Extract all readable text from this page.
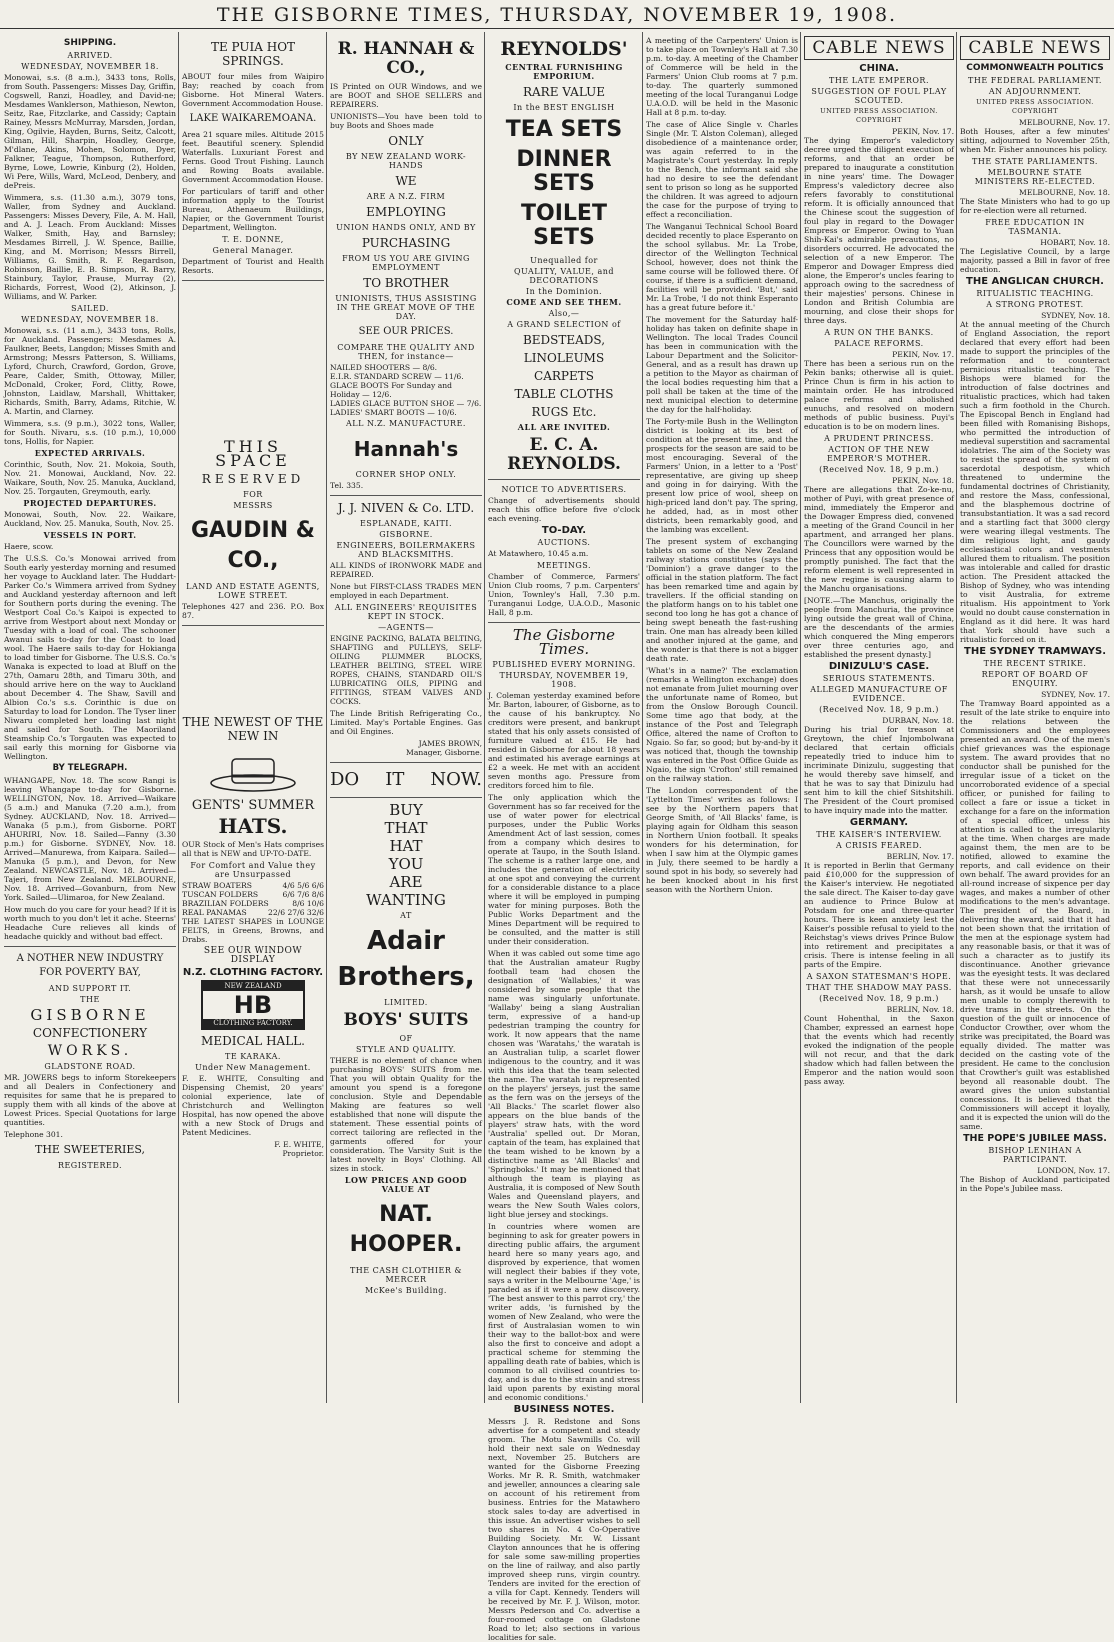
THE GISBORNE TIMES, THURSDAY, NOVEMBER 19, 1908.
SHIPPING.
ARRIVED.
WEDNESDAY, NOVEMBER 18.

Monowai, s.s. (8 a.m.), 3433 tons, Rolls, from South. Passengers: Misses Day, Griffin, Cogswell, Ranzi, Hoadley, and David-ne; Mesdames Wanklerson, Mathieson, Newton, Seitz, Rae, Fitzclarke, and Cassidy; Captain Rainey, Messrs McMurray, Marsden, Jordan, King, Ogilvie, Hayden, Burns, Seitz, Calcott, Gilman, Hill, Sharpin, Hoadley, George, M'dlane, Akins, Mohen, Solomon, Dyer, Falkner, Teague, Thompson, Rutherford, Byrne, Lowe, Lowrie, Kinburg (2), Holden, Wi Pere, Wills, Ward, McLeod, Denbery, and dePreis.

Wimmera, s.s. (11.30 a.m.), 3079 tons, Waller, from Sydney and Auckland. Passengers: Misses Devery, File, A. M. Hall, and A. J. Leach. From Auckland: Misses Walker, Smith, Hay, and Barnsley; Mesdames Birrell, J. W. Spence, Baillie, King, and M. Morrison; Messrs Birrell, Williams, G. Smith, R. F. Regardson, Robinson, Baillie, E. B. Simpson, R. Barry, Stainbury, Taylor, Prause, Murray (2), Richards, Forrest, Wood (2), Atkinson, J. Williams, and W. Parker.

SAILED.
WEDNESDAY, NOVEMBER 18.

Monowai, s.s. (11 a.m.), 3433 tons, Rolls, for Auckland. Passengers: Mesdames A. Faulkner, Beets, Langdon; Misses Smith and Armstrong; Messrs Patterson, S. Williams, Lyford, Church, Crawford, Gordon, Grove, Peare, Calder, Smith, Ottoway, Miller, McDonald, Croker, Ford, Clitty, Rowe, Johnston, Laidlaw, Marshall, Whittaker, Richards, Smith, Barry, Adams, Ritchie, W. A. Martin, and Clarney.

Wimmera, s.s. (9 p.m.), 3022 tons, Waller, for South. Nivaru, s.s. (10 p.m.), 10,000 tons, Hollis, for Napier.

EXPECTED ARRIVALS.

Corinthic, South, Nov. 21. Mokoia, South, Nov. 21. Monowai, Auckland, Nov. 22. Waikare, South, Nov. 25. Manuka, Auckland, Nov. 25. Torgauten, Greymouth, early.

PROJECTED DEPARTURES.

Monowai, South, Nov. 22. Waikare, Auckland, Nov. 25. Manuka, South, Nov. 25.

VESSELS IN PORT.

Haere, scow.

The U.S.S. Co.'s Monowai arrived from South early yesterday morning and resumed her voyage to Auckland later. The Huddart-Parker Co.'s Wimmera arrived from Sydney and Auckland yesterday afternoon and left for Southern ports during the evening. The Westport Coal Co.'s Kaipoi is expected to arrive from Westport about next Monday or Tuesday with a load of coal. The schooner Awanui sails to-day for the Coast to load wool. The Haere sails to-day for Hokianga to load timber for Gisborne. The U.S.S. Co.'s Wanaka is expected to load at Bluff on the 27th, Oamaru 28th, and Timaru 30th, and should arrive here on the way to Auckland about December 4. The Shaw, Savill and Albion Co.'s s.s. Corinthic is due on Saturday to load for London. The Tyser liner Niwaru completed her loading last night and sailed for South. The Maoriland Steamship Co.'s Torgauten was expected to sail early this morning for Gisborne via Wellington.

BY TELEGRAPH.

WHANGAPE, Nov. 18. The scow Rangi is leaving Whangape to-day for Gisborne. WELLINGTON, Nov. 18. Arrived—Waikare (5 a.m.) and Manuka (7.20 a.m.), from Sydney. AUCKLAND, Nov. 18. Arrived—Wanaka (5 p.m.), from Gisborne. PORT AHURIRI, Nov. 18. Sailed—Fanny (3.30 p.m.) for Gisborne. SYDNEY, Nov. 18. Arrived—Manurewa, from Kaipara. Sailed—Manuka (5 p.m.), and Devon, for New Zealand. NEWCASTLE, Nov. 18. Arrived—Tajeri, from New Zealand. MELBOURNE, Nov. 18. Arrived—Govanburn, from New York. Sailed—Ulimaroa, for New Zealand.

How much do you care for your head? If it is worth much to you don't let it ache. Steerns' Headache Cure relieves all kinds of headache quickly and without bad effect.

A NOTHER NEW INDUSTRY FOR POVERTY BAY,
AND SUPPORT IT.
THE
GISBORNE
CONFECTIONERY
WORKS.
GLADSTONE ROAD.

MR. JOWERS begs to inform Storekeepers and all Dealers in Confectionery and requisites for same that he is prepared to supply them with all kinds of the above at Lowest Prices. Special Quotations for large quantities.

Telephone 301.
THE SWEETERIES,
REGISTERED.
TE PUIA HOT SPRINGS.

ABOUT four miles from Waipiro Bay; reached by coach from Gisborne. Hot Mineral Waters. Government Accommodation House.

LAKE WAIKAREMOANA.

Area 21 square miles. Altitude 2015 feet. Beautiful scenery. Splendid Waterfalls. Luxuriant Forest and Ferns. Good Trout Fishing. Launch and Rowing Boats available. Government Accommodation House.

For particulars of tariff and other information apply to the Tourist Bureau, Athenaeum Buildings, Napier, or the Government Tourist Department, Wellington.

T. E. DONNE,
General Manager.

Department of Tourist and Health Resorts.

THIS SPACE
RESERVED
FOR
MESSRS
GAUDIN & CO.,
LAND AND ESTATE AGENTS, LOWE STREET.

Telephones 427 and 236. P.O. Box 87.

THE NEWEST OF THE NEW IN
GENTS' SUMMER
HATS.

OUR Stock of Men's Hats comprises all that is NEW and UP-TO-DATE.

For Comfort and Value they are Unsurpassed
STRAW BOATERS	4/6 5/6 6/6
TUSCAN FOLDERS	6/6 7/6 8/6
BRAZILIAN FOLDERS	8/6 10/6
REAL PANAMAS	22/6 27/6 32/6

THE LATEST SHAPES in LOUNGE FELTS, in Greens, Browns, and Drabs.

SEE OUR WINDOW DISPLAY
N.Z. CLOTHING FACTORY.
NEW ZEALAND
HB
CLOTHING FACTORY.
MEDICAL HALL.
TE KARAKA.
Under New Management.

F. E. WHITE, Consulting and Dispensing Chemist, 20 years' colonial experience, late of Christchurch and Wellington Hospital, has now opened the above with a new Stock of Drugs and Patent Medicines.

F. E. WHITE,
Proprietor.
R. HANNAH & CO.,

IS Printed on OUR Windows, and we are BOOT and SHOE SELLERS and REPAIRERS.

UNIONISTS—You have been told to buy Boots and Shoes made

ONLY
BY NEW ZEALAND WORK-HANDS
WE
ARE A N.Z. FIRM
EMPLOYING
UNION HANDS ONLY, AND BY
PURCHASING
FROM US YOU ARE GIVING EMPLOYMENT
TO BROTHER
UNIONISTS, THUS ASSISTING IN THE GREAT MOVE OF THE DAY.
SEE OUR PRICES.
COMPARE THE QUALITY AND THEN, for instance—
NAILED SHOOTERS — 8/6.
E.I.R. STANDARD SCREW — 11/6.
GLACE BOOTS For Sunday and Holiday — 12/6.
LADIES GLACE BUTTON SHOE — 7/6.
LADIES' SMART BOOTS — 10/6.
ALL N.Z. MANUFACTURE.
Hannah's
CORNER SHOP ONLY.
Tel. 335.
J. J. NIVEN & Co. LTD.
ESPLANADE, KAITI.
GISBORNE.
ENGINEERS, BOILERMAKERS AND BLACKSMITHS.

ALL KINDS of IRONWORK MADE and REPAIRED.

None but FIRST-CLASS TRADES MEN employed in each Department.

ALL ENGINEERS' REQUISITES KEPT IN STOCK.
—AGENTS—

ENGINE PACKING, BALATA BELTING, SHAFTING and PULLEYS, SELF-OILING PLUMMER BLOCKS, LEATHER BELTING, STEEL WIRE ROPES, CHAINS, STANDARD OIL'S LUBRICATING OILS, PIPING and FITTINGS, STEAM VALVES AND COCKS.

The Linde British Refrigerating Co., Limited. May's Portable Engines. Gas and Oil Engines.

JAMES BROWN,
Manager, Gisborne.
DO IT NOW.
BUY
THAT
HAT
YOU
ARE
WANTING
AT
Adair
Brothers,
LIMITED.
BOYS' SUITS
OF
STYLE AND QUALITY.

THERE is no element of chance when purchasing BOYS' SUITS from me. That you will obtain Quality for the amount you spend is a foregone conclusion. Style and Dependable Making are features so well established that none will dispute the statement. These essential points of correct tailoring are reflected in the garments offered for your consideration. The Varsity Suit is the latest novelty in Boys' Clothing. All sizes in stock.

LOW PRICES AND GOOD VALUE AT
NAT. HOOPER.
THE CASH CLOTHIER & MERCER
McKee's Building.
REYNOLDS'
CENTRAL FURNISHING EMPORIUM.
RARE VALUE
In the BEST ENGLISH
TEA SETS
DINNER SETS
TOILET SETS
Unequalled for
QUALITY, VALUE, and DECORATIONS
In the Dominion.
COME AND SEE THEM.
Also,—
A GRAND SELECTION of
BEDSTEADS,
LINOLEUMS
CARPETS
TABLE CLOTHS
RUGS Etc.
ALL ARE INVITED.
E. C. A. REYNOLDS.
NOTICE TO ADVERTISERS.

Change of advertisements should reach this office before five o'clock each evening.

TO-DAY.
AUCTIONS.

At Matawhero, 10.45 a.m.

MEETINGS.

Chamber of Commerce, Farmers' Union Club rooms, 7 p.m. Carpenters' Union, Townley's Hall, 7.30 p.m. Turanganui Lodge, U.A.O.D., Masonic Hall, 8 p.m.

The Gisborne Times.
PUBLISHED EVERY MORNING.
THURSDAY, NOVEMBER 19, 1908.

J. Coleman yesterday examined before Mr. Barton, labourer, of Gisborne, as to the cause of his bankruptcy. No creditors were present, and bankrupt stated that his only assets consisted of furniture valued at £15. He had resided in Gisborne for about 18 years and estimated his average earnings at £2 a week. He met with an accident seven months ago. Pressure from creditors forced him to file.

The only application which the Government has so far received for the use of water power for electrical purposes, under the Public Works Amendment Act of last session, comes from a company which desires to operate at Taupo, in the South Island. The scheme is a rather large one, and includes the generation of electricity at one spot and conveying the current for a considerable distance to a place where it will be employed in pumping water for mining purposes. Both the Public Works Department and the Mines Department will be required to be consulted, and the matter is still under their consideration.

When it was cabled out some time ago that the Australian amateur Rugby football team had chosen the designation of 'Wallabies,' it was considered by some people that the name was singularly unfortunate. 'Wallaby' being a slang Australian term, expressive of a hand-up pedestrian tramping the country for work. It now appears that the name chosen was 'Waratahs,' the waratah is an Australian tulip, a scarlet flower indigenous to the country, and it was with this idea that the team selected the name. The waratah is represented on the players' jerseys, just the same as the fern was on the jerseys of the 'All Blacks.' The scarlet flower also appears on the blue bands of the players' straw hats, with the word 'Australia' spelled out. Dr Moran, captain of the team, has explained that the team wished to be known by a distinctive name as 'All Blacks' and 'Springboks.' It may be mentioned that although the team is playing as Australia, it is composed of New South Wales and Queensland players, and wears the New South Wales colors, light blue jersey and stockings.

In countries where women are beginning to ask for greater powers in directing public affairs, the argument heard here so many years ago, and disproved by experience, that women will neglect their babies if they vote, says a writer in the Melbourne 'Age,' is paraded as if it were a new discovery. 'The best answer to this parrot cry,' the writer adds, 'is furnished by the women of New Zealand, who were the first of Australasian women to win their way to the ballot-box and were also the first to conceive and adopt a practical scheme for stemming the appalling death rate of babies, which is common to all civilised countries to-day, and is due to the strain and stress laid upon parents by existing moral and economic conditions.'

BUSINESS NOTES.

Messrs J. R. Redstone and Sons advertise for a competent and steady groom. The Motu Sawmills Co. will hold their next sale on Wednesday next, November 25. Butchers are wanted for the Gisborne Freezing Works. Mr R. R. Smith, watchmaker and jeweller, announces a clearing sale on account of his retirement from business. Entries for the Matawhero stock sales to-day are advertised in this issue. An advertiser wishes to sell two shares in No. 4 Co-Operative Building Society. Mr. W. Lissant Clayton announces that he is offering for sale some saw-milling properties on the line of railway, and also partly improved sheep runs, virgin country. Tenders are invited for the erection of a villa for Capt. Kennedy. Tenders will be received by Mr. F. J. Wilson, motor. Messrs Pederson and Co. advertise a four-roomed cottage on Gladstone Road to let; also sections in various localities for sale.

A meeting of the Carpenters' Union is to take place on Townley's Hall at 7.30 p.m. to-day. A meeting of the Chamber of Commerce will be held in the Farmers' Union Club rooms at 7 p.m. to-day. The quarterly summoned meeting of the local Turanganui Lodge U.A.O.D. will be held in the Masonic Hall at 8 p.m. to-day.

The case of Alice Single v. Charles Single (Mr. T. Alston Coleman), alleged disobedience of a maintenance order, was again referred to in the Magistrate's Court yesterday. In reply to the Bench, the informant said she had no desire to see the defendant sent to prison so long as he supported the children. It was agreed to adjourn the case for the purpose of trying to effect a reconciliation.

The Wanganui Technical School Board decided recently to place Esperanto on the school syllabus. Mr. La Trobe, director of the Wellington Technical School, however, does not think the same course will be followed there. Of course, if there is a sufficient demand, facilities will be provided. 'But,' said Mr. La Trobe, 'I do not think Esperanto has a great future before it.'

The movement for the Saturday half-holiday has taken on definite shape in Wellington. The local Trades Council has been in communication with the Labour Department and the Solicitor-General, and as a result has drawn up a petition to the Mayor as chairman of the local bodies requesting him that a poll shall be taken at the time of the next municipal election to determine the day for the half-holiday.

The Forty-mile Bush in the Wellington district is looking at its best of condition at the present time, and the prospects for the season are said to be most encouraging. Several of the Farmers' Union, in a letter to a 'Post' representative, are giving up sheep and going in for dairying. With the present low price of wool, sheep on high-priced land don't pay. The spring, he added, had, as in most other districts, been remarkably good, and the lambing was excellent.

The present system of exchanging tablets on some of the New Zealand railway stations constitutes (says the 'Dominion') a grave danger to the official in the station platform. The fact has been remarked time and again by travellers. If the official standing on the platform hangs on to his tablet one second too long he has got a chance of being swept beneath the fast-rushing train. One man has already been killed and another injured at the game, and the wonder is that there is not a bigger death rate.

'What's in a name?' The exclamation (remarks a Wellington exchange) does not emanate from Juliet mourning over the unfortunate name of Romeo, but from the Onslow Borough Council. Some time ago that body, at the instance of the Post and Telegraph Office, altered the name of Crofton to Ngaio. So far, so good; but by-and-by it was noticed that, though the township was entered in the Post Office Guide as Ngaio, the sign 'Crofton' still remained on the railway station.

The London correspondent of the 'Lyttelton Times' writes as follows: I see by the Northern papers that George Smith, of 'All Blacks' fame, is playing again for Oldham this season in Northern Union football. It speaks wonders for his determination, for when I saw him at the Olympic games in July, there seemed to be hardly a sound spot in his body, so severely had he been knocked about in his first season with the Northern Union.

CABLE NEWS
CHINA.
THE LATE EMPEROR.
SUGGESTION OF FOUL PLAY SCOUTED.
UNITED PRESS ASSOCIATION. COPYRIGHT
PEKIN, Nov. 17.

The dying Emperor's valedictory decree urged the diligent execution of reforms, and that an order be prepared to inaugurate a constitution in nine years' time. The Dowager Empress's valedictory decree also refers favorably to constitutional reform. It is officially announced that the Chinese scout the suggestion of foul play in regard to the Dowager Empress or Emperor. Owing to Yuan Shih-Kai's admirable precautions, no disorders occurred. He advocated the selection of a new Emperor. The Emperor and Dowager Empress died alone, the Emperor's uncles fearing to approach owing to the sacredness of their majesties' persons. Chinese in London and British Columbia are mourning, and close their shops for three days.

A RUN ON THE BANKS.
PALACE REFORMS.
PEKIN, Nov. 17.

There has been a serious run on the Pekin banks; otherwise all is quiet. Prince Chun is firm in his action to maintain order. He has introduced palace reforms and abolished eunuchs, and resolved on modern methods of public business. Puyi's education is to be on modern lines.

A PRUDENT PRINCESS.
ACTION OF THE NEW EMPEROR'S MOTHER.
(Received Nov. 18, 9 p.m.)
PEKIN, Nov. 18.

There are allegations that Zo-ke-nu, mother of Puyi, with great presence of mind, immediately the Emperor and the Dowager Empress died, convened a meeting of the Grand Council in her apartment, and arranged her plans. The Councillors were warned by the Princess that any opposition would be promptly punished. The fact that the reform element is well represented in the new regime is causing alarm to the Manchu organisations.

[NOTE.—The Manchus, originally the people from Manchuria, the province lying outside the great wall of China, are the descendants of the armies which conquered the Ming emperors over three centuries ago, and established the present dynasty.]

DINIZULU'S CASE.
SERIOUS STATEMENTS.
ALLEGED MANUFACTURE OF EVIDENCE.
(Received Nov. 18, 9 p.m.)
DURBAN, Nov. 18.

During his trial for treason at Greytown, the chief Injombolwana declared that certain officials repeatedly tried to induce him to incriminate Dinizulu, suggesting that he would thereby save himself, and that he was to say that Dinizulu had sent him to kill the chief Sitshitshili. The President of the Court promised to have inquiry made into the matter.

GERMANY.
THE KAISER'S INTERVIEW.
A CRISIS FEARED.
BERLIN, Nov. 17.

It is reported in Berlin that Germany paid £10,000 for the suppression of the Kaiser's interview. He negotiated the sale direct. The Kaiser to-day gave an audience to Prince Bulow at Potsdam for one and three-quarter hours. There is keen anxiety lest the Kaiser's possible refusal to yield to the Reichstag's views drives Prince Bulow into retirement and precipitates a crisis. There is intense feeling in all parts of the Empire.

A SAXON STATESMAN'S HOPE.
THAT THE SHADOW MAY PASS.
(Received Nov. 18, 9 p.m.)
BERLIN, Nov. 18.

Count Hohenthal, in the Saxon Chamber, expressed an earnest hope that the events which had recently evoked the indignation of the people will not recur, and that the dark shadow which had fallen between the Emperor and the nation would soon pass away.

CABLE NEWS
COMMONWEALTH POLITICS
THE FEDERAL PARLIAMENT.
AN ADJOURNMENT.
UNITED PRESS ASSOCIATION. COPYRIGHT
MELBOURNE, Nov. 17.

Both Houses, after a few minutes' sitting, adjourned to November 25th, when Mr. Fisher announces his policy.

THE STATE PARLIAMENTS.
MELBOURNE STATE MINISTERS RE-ELECTED.
MELBOURNE, Nov. 18.

The State Ministers who had to go up for re-election were all returned.

FREE EDUCATION IN TASMANIA.
HOBART, Nov. 18.

The Legislative Council, by a large majority, passed a Bill in favor of free education.

THE ANGLICAN CHURCH.
RITUALISTIC TEACHING.
A STRONG PROTEST.
SYDNEY, Nov. 18.

At the annual meeting of the Church of England Association, the report declared that every effort had been made to support the principles of the reformation and to counteract pernicious ritualistic teaching. The Bishops were blamed for the introduction of false doctrines and ritualistic practices, which had taken such a firm foothold in the Church. The Episcopal Bench in England had been filled with Romanising Bishops, who permitted the introduction of medieval superstition and sacramental idolatries. The aim of the Society was to resist the spread of the system of sacerdotal despotism, which threatened to undermine the fundamental doctrines of Christianity, and restore the Mass, confessional, and the blasphemous doctrine of transubstantiation. It was a sad record and a startling fact that 3000 clergy were wearing illegal vestments. The dim religious light, and gaudy ecclesiastical colors and vestments allured them to ritualism. The position was intolerable and called for drastic action. The President attacked the Bishop of Sydney, who was intending to visit Australia, for extreme ritualism. His appointment to York would no doubt cause consternation in England as it did here. It was hard that York should have such a ritualistic forced on it.

THE SYDNEY TRAMWAYS.
THE RECENT STRIKE.
REPORT OF BOARD OF ENQUIRY.
SYDNEY, Nov. 17.

The Tramway Board appointed as a result of the late strike to enquire into the relations between the Commissioners and the employees presented an award. One of the men's chief grievances was the espionage system. The award provides that no conductor shall be punished for the irregular issue of a ticket on the uncorroborated evidence of a special officer, or punished for failing to collect a fare or issue a ticket in exchange for a fare on the information of a special officer, unless his attention is called to the irregularity at the time. When charges are made against them, the men are to be notified, allowed to examine the reports, and call evidence on their own behalf. The award provides for an all-round increase of sixpence per day wages, and makes a number of other modifications to the men's advantage. The president of the Board, in delivering the award, said that it had not been shown that the irritation of the men at the espionage system had any reasonable basis, or that it was of such a character as to justify its discontinuance. Another grievance was the eyesight tests. It was declared that these were not unnecessarily harsh, as it would be unsafe to allow men unable to comply therewith to drive trams in the streets. On the question of the guilt or innocence of Conductor Crowther, over whom the strike was precipitated, the Board was equally divided. The matter was decided on the casting vote of the president. He came to the conclusion that Crowther's guilt was established beyond all reasonable doubt. The award gives the union substantial concessions. It is believed that the Commissioners will accept it loyally, and it is expected the union will do the same.

THE POPE'S JUBILEE MASS.
BISHOP LENIHAN A PARTICIPANT.
LONDON, Nov. 17.

The Bishop of Auckland participated in the Pope's Jubilee mass.
